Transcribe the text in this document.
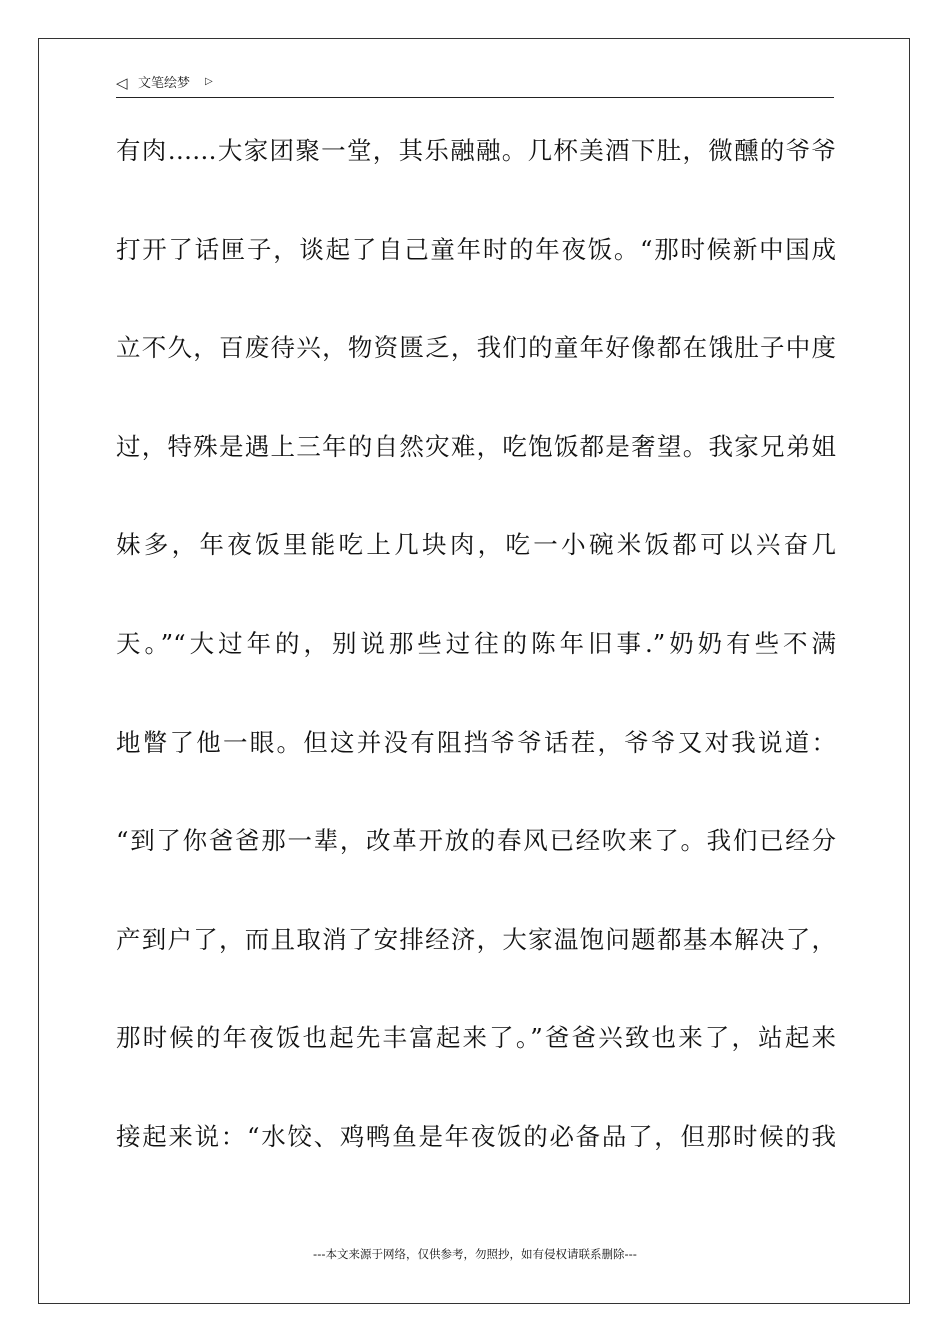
◁ 文笔绘梦 ▷
有肉……大家团聚一堂，其乐融融。几杯美酒下肚，微醺的爷爷
打开了话匣子，谈起了自己童年时的年夜饭。“那时候新中国成
立不久，百废待兴，物资匮乏，我们的童年好像都在饿肚子中度
过，特殊是遇上三年的自然灾难，吃饱饭都是奢望。我家兄弟姐
妹多，年夜饭里能吃上几块肉，吃一小碗米饭都可以兴奋几
天。”“大过年的，别说那些过往的陈年旧事.”奶奶有些不满
地瞥了他一眼。但这并没有阻挡爷爷话茬，爷爷又对我说道：
“到了你爸爸那一辈，改革开放的春风已经吹来了。我们已经分
产到户了，而且取消了安排经济，大家温饱问题都基本解决了，
那时候的年夜饭也起先丰富起来了。”爸爸兴致也来了，站起来
接起来说：“水饺、鸡鸭鱼是年夜饭的必备品了，但那时候的我
---本文来源于网络，仅供参考，勿照抄，如有侵权请联系删除---
